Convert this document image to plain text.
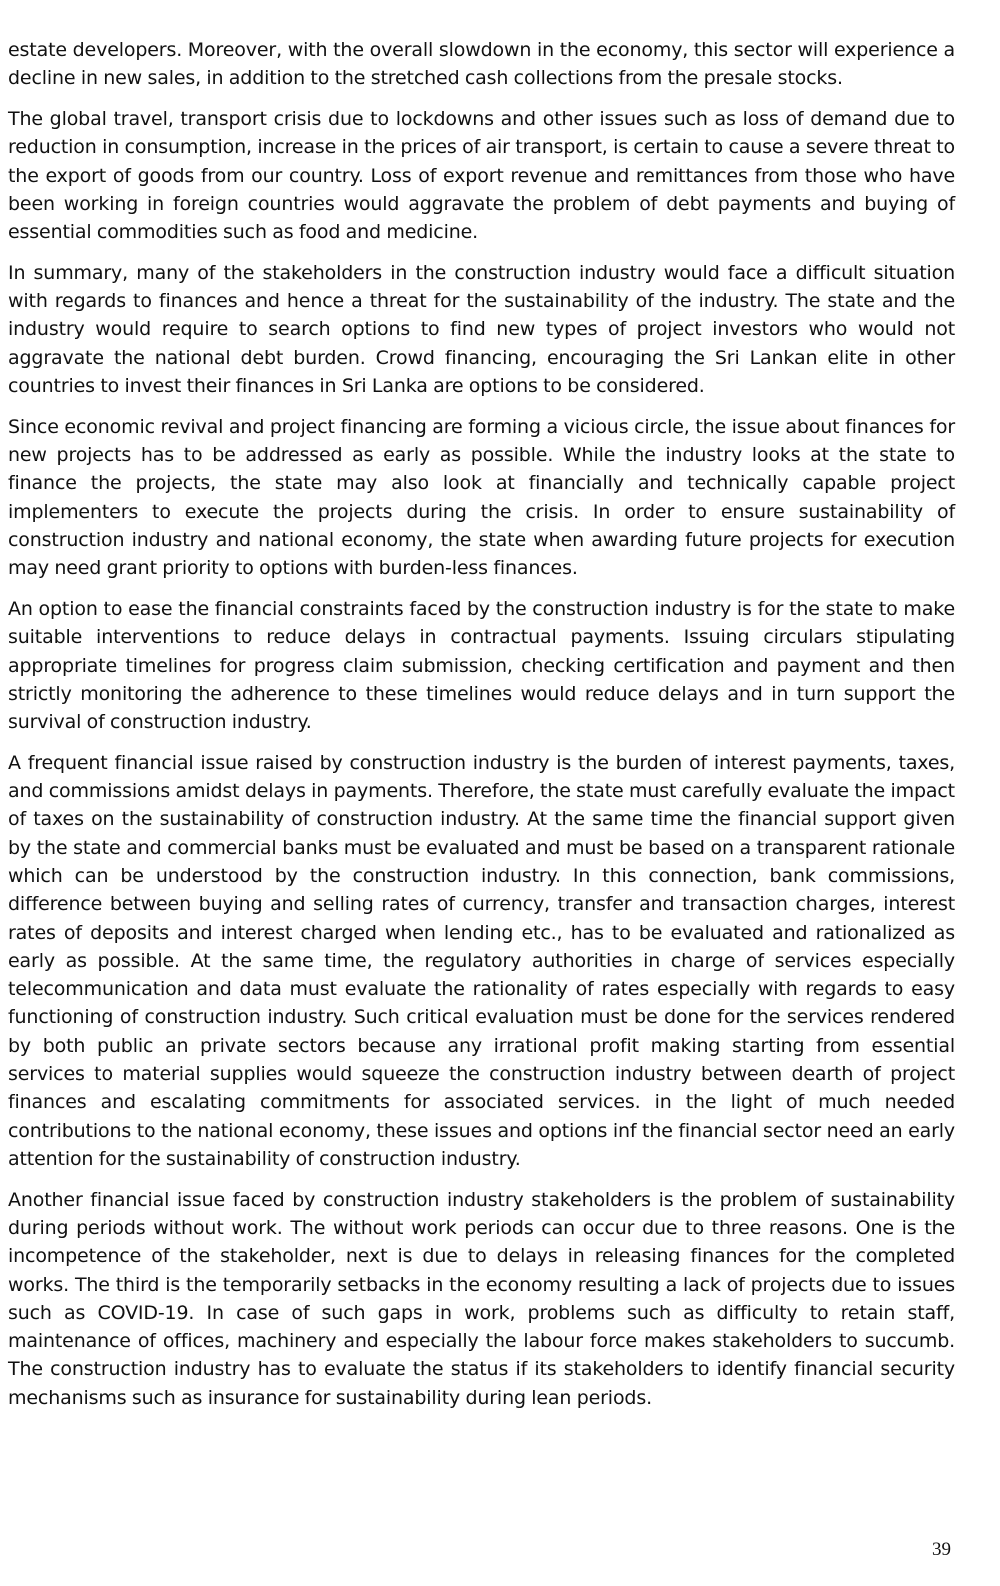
estate developers. Moreover, with the overall slowdown in the economy, this sector will experience a decline in new sales, in addition to the stretched cash collections from the presale stocks.

The global travel, transport crisis due to lockdowns and other issues such as loss of demand due to reduction in consumption, increase in the prices of air transport, is certain to cause a severe threat to the export of goods from our country. Loss of export revenue and remittances from those who have been working in foreign countries would aggravate the problem of debt payments and buying of essential commodities such as food and medicine.

In summary, many of the stakeholders in the construction industry would face a difficult situation with regards to finances and hence a threat for the sustainability of the industry. The state and the industry would require to search options to find new types of project investors who would not aggravate the national debt burden. Crowd financing, encouraging the Sri Lankan elite in other countries to invest their finances in Sri Lanka are options to be considered.

Since economic revival and project financing are forming a vicious circle, the issue about finances for new projects has to be addressed as early as possible. While the industry looks at the state to finance the projects, the state may also look at financially and technically capable project implementers to execute the projects during the crisis. In order to ensure sustainability of construction industry and national economy, the state when awarding future projects for execution may need grant priority to options with burden-less finances.

An option to ease the financial constraints faced by the construction industry is for the state to make suitable interventions to reduce delays in contractual payments. Issuing circulars stipulating appropriate timelines for progress claim submission, checking certification and payment and then strictly monitoring the adherence to these timelines would reduce delays and in turn support the survival of construction industry.

A frequent financial issue raised by construction industry is the burden of interest payments, taxes, and commissions amidst delays in payments. Therefore, the state must carefully evaluate the impact of taxes on the sustainability of construction industry. At the same time the financial support given by the state and commercial banks must be evaluated and must be based on a transparent rationale which can be understood by the construction industry. In this connection, bank commissions, difference between buying and selling rates of currency, transfer and transaction charges, interest rates of deposits and interest charged when lending etc., has to be evaluated and rationalized as early as possible. At the same time, the regulatory authorities in charge of services especially telecommunication and data must evaluate the rationality of rates especially with regards to easy functioning of construction industry. Such critical evaluation must be done for the services rendered by both public an private sectors because any irrational profit making starting from essential services to material supplies would squeeze the construction industry between dearth of project finances and escalating commitments for associated services. in the light of much needed contributions to the national economy, these issues and options inf the financial sector need an early attention for the sustainability of construction industry.

Another financial issue faced by construction industry stakeholders is the problem of sustainability during periods without work. The without work periods can occur due to three reasons. One is the incompetence of the stakeholder, next is due to delays in releasing finances for the completed works. The third is the temporarily setbacks in the economy resulting a lack of projects due to issues such as COVID-19. In case of such gaps in work, problems such as difficulty to retain staff, maintenance of offices, machinery and especially the labour force makes stakeholders to succumb. The construction industry has to evaluate the status if its stakeholders to identify financial security mechanisms such as insurance for sustainability during lean periods.

39
